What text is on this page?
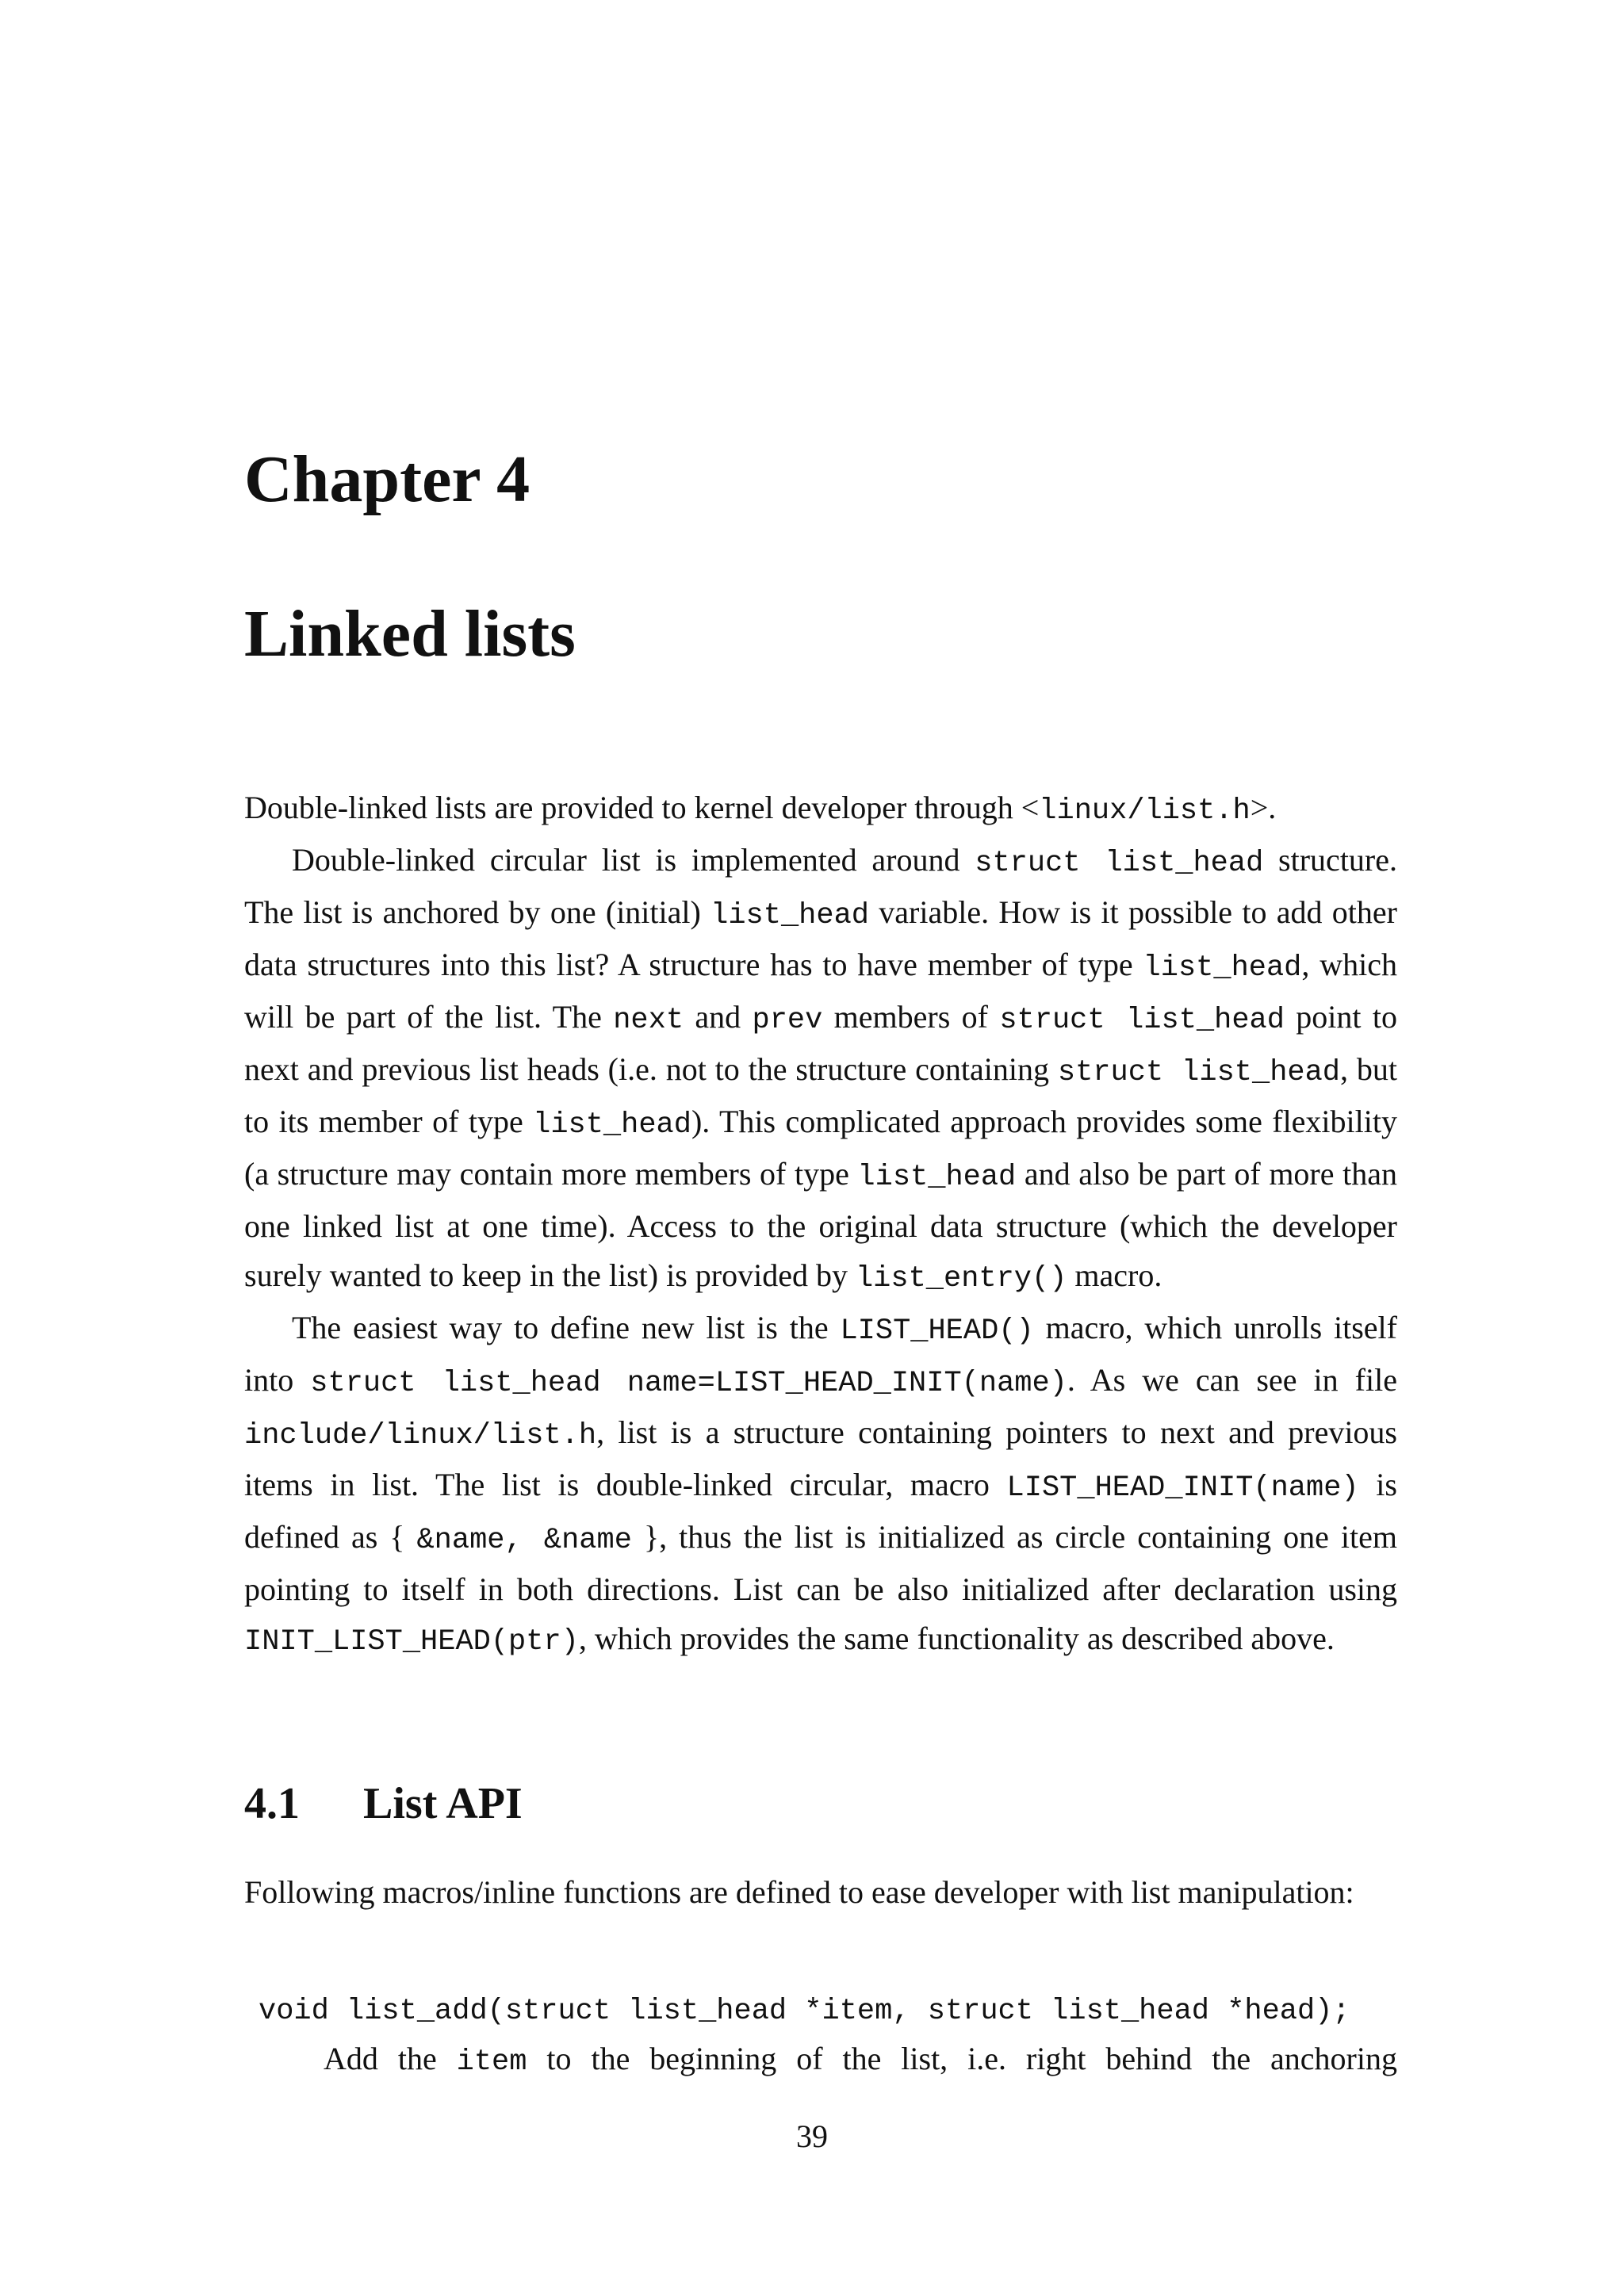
Chapter 4
Linked lists

Double-linked lists are provided to kernel developer through <linux/list.h>.

Double-linked circular list is implemented around struct list_head structure. The list is anchored by one (initial) list_head variable. How is it possible to add other data structures into this list? A structure has to have member of type list_head, which will be part of the list. The next and prev members of struct list_head point to next and previous list heads (i.e. not to the structure containing struct list_head, but to its member of type list_head). This complicated approach provides some flexibility (a structure may contain more members of type list_head and also be part of more than one linked list at one time). Access to the original data structure (which the developer surely wanted to keep in the list) is provided by list_entry() macro.

The easiest way to define new list is the LIST_HEAD() macro, which unrolls itself into struct list_head name=LIST_HEAD_INIT(name). As we can see in file include/linux/list.h, list is a structure containing pointers to next and previous items in list. The list is double-linked circular, macro LIST_HEAD_INIT(name) is defined as { &name, &name }, thus the list is initialized as circle containing one item pointing to itself in both directions. List can be also initialized after declaration using INIT_LIST_HEAD(ptr), which provides the same functionality as described above.

4.1 List API

Following macros/inline functions are defined to ease developer with list manipulation:

void list_add(struct list_head *item, struct list_head *head);

Add the item to the beginning of the list, i.e. right behind the anchoring

39
